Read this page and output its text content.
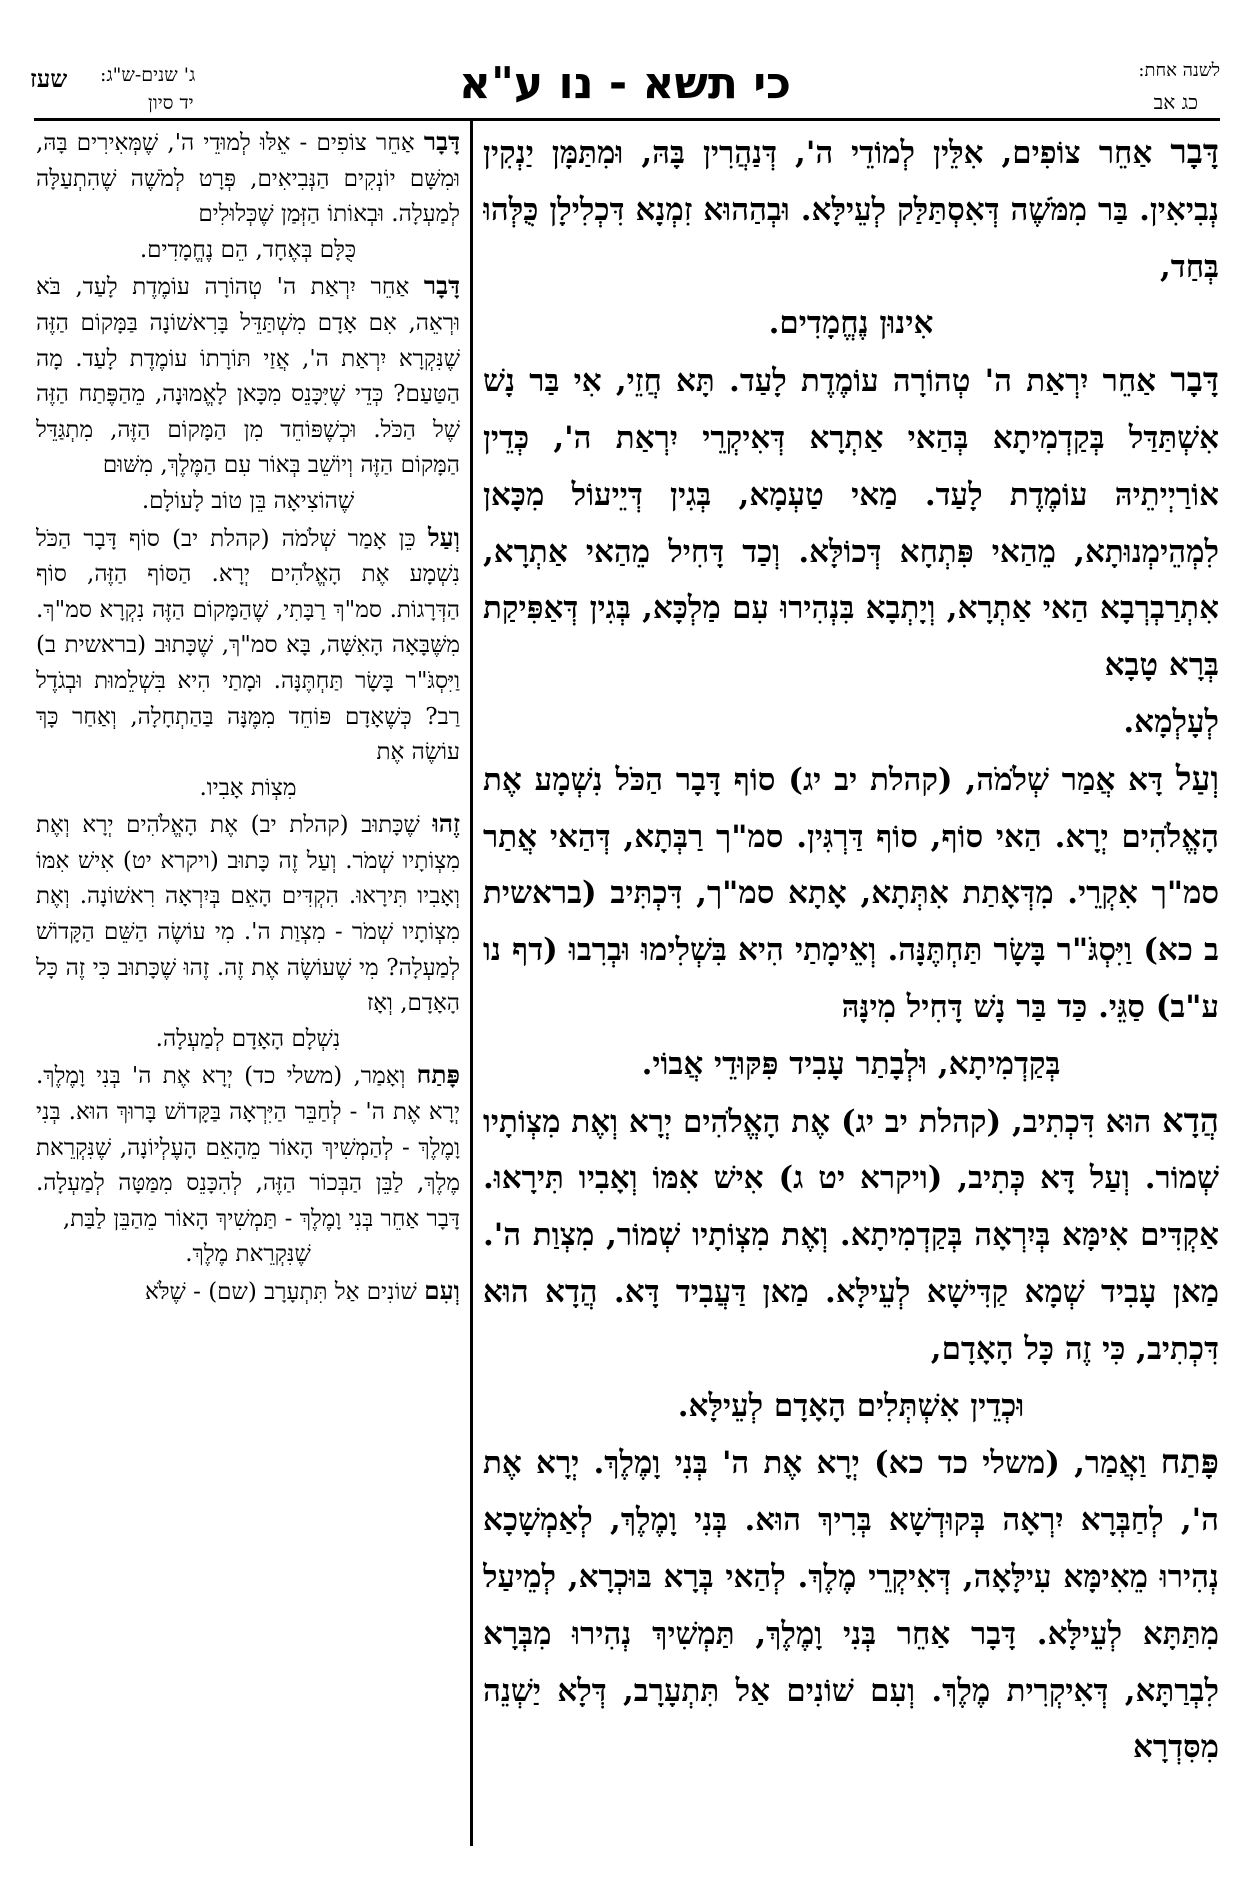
לשנה אחת:
כג אב
כי תשא - נו ע"א
ג' שנים-ש"ג:
יד סיון
שעז

דָּבָר אַחֵר צוֹפִים, אִלֵּין לְמוֹדֵי ה', דְּנַהֲרִין בָּהּ, וּמִתַּמָּן יַנְקִין נְבִיאִין. בַּר מִמֹּשֶׁה דְּאִסְתַּלַּק לְעֵילָּא. וּבְהַהוּא זִמְנָא דִּכְלִילָן כֻּלְּהוּ בְּחַד,
אִינוּן נֶחֱמָדִים.

דָּבָר אַחֵר יִרְאַת ה' טְהוֹרָה עוֹמֶדֶת לָעַד. תָּא חֲזֵי, אִי בַּר נָשׁ אִשְׁתַּדַּל בְּקַדְמִיתָא בְּהַאי אַתְרָא דְּאִיקְרֵי יִרְאַת ה', כְּדֵין אוֹרַיְיתֵיהּ עוֹמֶדֶת לָעַד. מַאי טַעְמָא, בְּגִין דְּיֵיעוֹל מִכָּאן לִמְהֵימְנוּתָא, מֵהַאי פִּתְחָא דְּכוֹלָּא. וְכַד דָּחִיל מֵהַאי אַתְרָא, אִתְרַבְרְבָא הַאי אַתְרָא, וְיָתְבָא בִּנְהִירוּ עִם מַלְכָּא, בְּגִין דְּאַפִּיקַת בְּרָא טָבָא
לְעָלְמָא.

וְעַל דָּא אֲמַר שְׁלֹמֹה, (קהלת יב יג) סוֹף דָּבָר הַכֹּל נִשְׁמָע אֶת הָאֱלֹהִים יְרָא. הַאי סוֹף, סוֹף דַּרְגִּין. סמ"ך רַבְּתָא, דְּהַאי אֲתַר סמ"ך אִקְרֵי. מִדְּאָתַת אִתְּתָא, אָתָא סמ"ך, דִּכְתִּיב (בראשית ב כא) וַיִּסְגֹּ"ר בָּשָׂר תַּחְתֶּנָּה. וְאֵימָתַי הִיא בִּשְׁלִימוּ וּבְרִבוּ (דף נו ע"ב) סַגֵּי. כַּד בַּר נָשׁ דָּחִיל מִינָּהּ
בְּקַדְמִיתָא, וּלְבָתַר עָבִיד פִּקּוּדֵי אֲבוֹי.

הֲדָא הוּא דִּכְתִיב, (קהלת יב יג) אֶת הָאֱלֹהִים יְרָא וְאֶת מִצְוֹתָיו שְׁמוֹר. וְעַל דָּא כְּתִיב, (ויקרא יט ג) אִישׁ אִמּוֹ וְאָבִיו תִּירָאוּ. אַקְדִּים אִימָּא בְּיִרְאָה בְּקַדְמִיתָא. וְאֶת מִצְוֹתָיו שְׁמוֹר, מִצְוַת ה'. מַאן עָבִיד שְׁמָא קַדִּישָׁא לְעֵילָּא. מַאן דַּעֲבִיד דָּא. הֲדָא הוּא דִּכְתִיב, כִּי זֶה כָּל הָאָדָם,
וּכְדֵין אִשְׁתְּלִים הָאָדָם לְעֵילָּא.

פָּתַח וַאֲמַר, (משלי כד כא) יְרָא אֶת ה' בְּנִי וָמֶלֶךְ. יְרָא אֶת ה', לְחַבְּרָא יִרְאָה בְּקוּדְשָׁא בְּרִיךְ הוּא. בְּנִי וָמֶלֶךְ, לְאַמְשָׁכָא נְהִירוּ מֵאִימָּא עִילָּאָה, דְּאִיקְרֵי מֶלֶךְ. לְהַאי בְּרָא בּוּכְרָא, לְמֵיעַל מִתַּתָּא לְעֵילָּא. דָּבָר אַחֵר בְּנִי וָמֶלֶךְ, תַּמְשִׁיךְ נְהִירוּ מִבְּרָא לִבְרַתָּא, דְּאִיקְרִית מֶלֶךְ. וְעִם שׁוֹנִים אַל תִּתְעָרָב, דְּלָא יַשְׁנֵה מִסִּדְרָא

דָּבָר אַחֵר צוֹפִים - אֵלּוּ לְמוּדֵי ה', שֶׁמְּאִירִים בָּהּ, וּמִשָּׁם יוֹנְקִים הַנְּבִיאִים, פְּרָט לְמֹשֶׁה שֶׁהִתְעַלָּה לְמַעְלָה. וּבְאוֹתוֹ הַזְּמַן שֶׁכְּלוּלִים
כֻּלָּם בְּאֶחָד, הֵם נֶחֱמָדִים.

דָּבָר אַחֵר יִרְאַת ה' טְהוֹרָה עוֹמֶדֶת לָעַד, בֹּא וּרְאֵה, אִם אָדָם מִשְׁתַּדֵּל בָּרִאשׁוֹנָה בַּמָּקוֹם הַזֶּה שֶׁנִּקְרָא יִרְאַת ה', אֲזַי תּוֹרָתוֹ עוֹמֶדֶת לָעַד. מָה הַטַּעַם? כְּדֵי שֶׁיִּכָּנֵס מִכָּאן לָאֱמוּנָה, מֵהַפֶּתַח הַזֶּה שֶׁל הַכֹּל. וּכְשֶׁפּוֹחֵד מִן הַמָּקוֹם הַזֶּה, מִתְגַּדֵּל הַמָּקוֹם הַזֶּה וְיוֹשֵׁב בְּאוֹר עִם הַמֶּלֶךְ, מִשּׁוּם
שֶׁהוֹצִיאָה בֵּן טוֹב לָעוֹלָם.

וְעַל כֵּן אָמַר שְׁלֹמֹה (קהלת יב) סוֹף דָּבָר הַכֹּל נִשְׁמָע אֶת הָאֱלֹהִים יְרָא. הַסּוֹף הַזֶּה, סוֹף הַדְּרָגוֹת. סמ"ךְ רַבָּתִי, שֶׁהַמָּקוֹם הַזֶּה נִקְרָא סמ"ךְ. מִשֶּׁבָּאָה הָאִשָּׁה, בָּא סמ"ךְ, שֶׁכָּתוּב (בראשית ב) וַיִּסְגֹּ"ר בָּשָׂר תַּחְתֶּנָּה. וּמָתַי הִיא בִּשְׁלֵמוּת וּבְגֹדֶל רַב? כְּשֶׁאָדָם פּוֹחֵד מִמֶּנָּה בַּהַתְחָלָה, וְאַחַר כָּךְ עוֹשֶׂה אֶת
מִצְוֹת אָבִיו.

זֶהוּ שֶׁכָּתוּב (קהלת יב) אֶת הָאֱלֹהִים יְרָא וְאֶת מִצְוֹתָיו שְׁמֹר. וְעַל זֶה כָּתוּב (ויקרא יט) אִישׁ אִמּוֹ וְאָבִיו תִּירָאוּ. הִקְדִּים הָאֵם בְּיִרְאָה רִאשׁוֹנָה. וְאֶת מִצְוֹתָיו שְׁמֹר - מִצְוַת ה'. מִי עוֹשֶׂה הַשֵּׁם הַקָּדוֹשׁ לְמַעְלָה? מִי שֶׁעוֹשֶׂה אֶת זֶה. זֶהוּ שֶׁכָּתוּב כִּי זֶה כָּל הָאָדָם, וְאָז
נִשְׁלָם הָאָדָם לְמַעְלָה.

פָּתַח וְאָמַר, (משלי כד) יְרָא אֶת ה' בְּנִי וָמֶלֶךְ. יְרָא אֶת ה' - לְחַבֵּר הַיִּרְאָה בַּקָּדוֹשׁ בָּרוּךְ הוּא. בְּנִי וָמֶלֶךְ - לְהַמְשִׁיךְ הָאוֹר מֵהָאֵם הָעֶלְיוֹנָה, שֶׁנִּקְרֵאת מֶלֶךְ, לַבֵּן הַבְּכוֹר הַזֶּה, לְהִכָּנֵס מִמַּטָּה לְמַעְלָה. דָּבָר אַחֵר בְּנִי וָמֶלֶךְ - תַּמְשִׁיךְ הָאוֹר מֵהַבֵּן לַבַּת,
שֶׁנִּקְרֵאת מֶלֶךְ.

וְעִם שׁוֹנִים אַל תִּתְעָרָב (שם) - שֶׁלֹּא
